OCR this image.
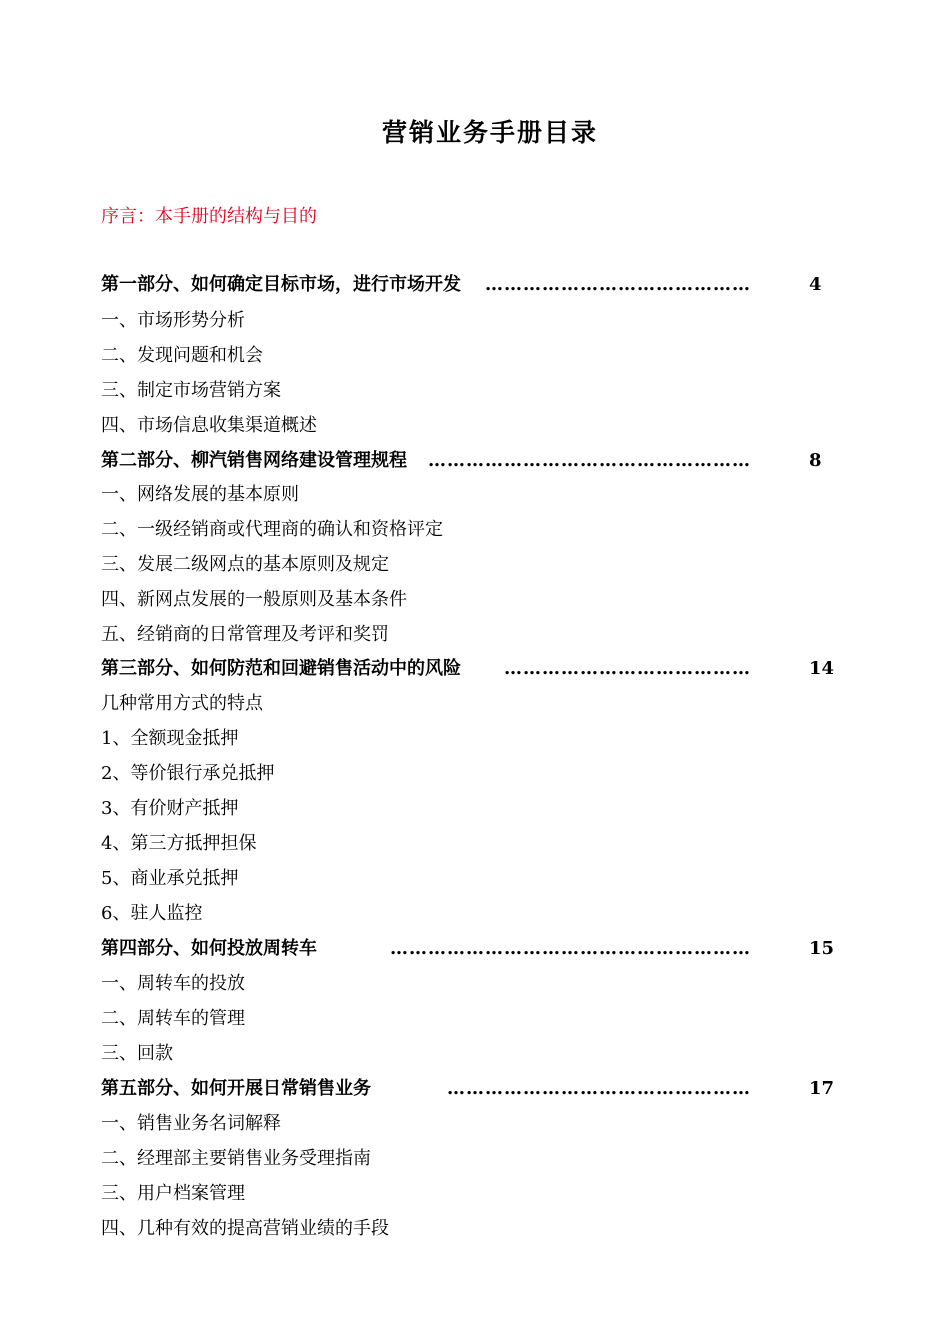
营销业务手册目录
序言：本手册的结构与目的
第一部分、如何确定目标市场，进行市场开发 ……………………………………	4
一、市场形势分析
二、发现问题和机会
三、制定市场营销方案
四、市场信息收集渠道概述
第二部分、柳汽销售网络建设管理规程 ……………………………………………	8
一、网络发展的基本原则
二、一级经销商或代理商的确认和资格评定
三、发展二级网点的基本原则及规定
四、新网点发展的一般原则及基本条件
五、经销商的日常管理及考评和奖罚
第三部分、如何防范和回避销售活动中的风险 …………………………………	14
几种常用方式的特点
1、全额现金抵押
2、等价银行承兑抵押
3、有价财产抵押
4、第三方抵押担保
5、商业承兑抵押
6、驻人监控
第四部分、如何投放周转车	…………………………………………………	15
一、周转车的投放
二、周转车的管理
三、回款
第五部分、如何开展日常销售业务	…………………………………………	17
一、销售业务名词解释
二、经理部主要销售业务受理指南
三、用户档案管理
四、几种有效的提高营销业绩的手段
